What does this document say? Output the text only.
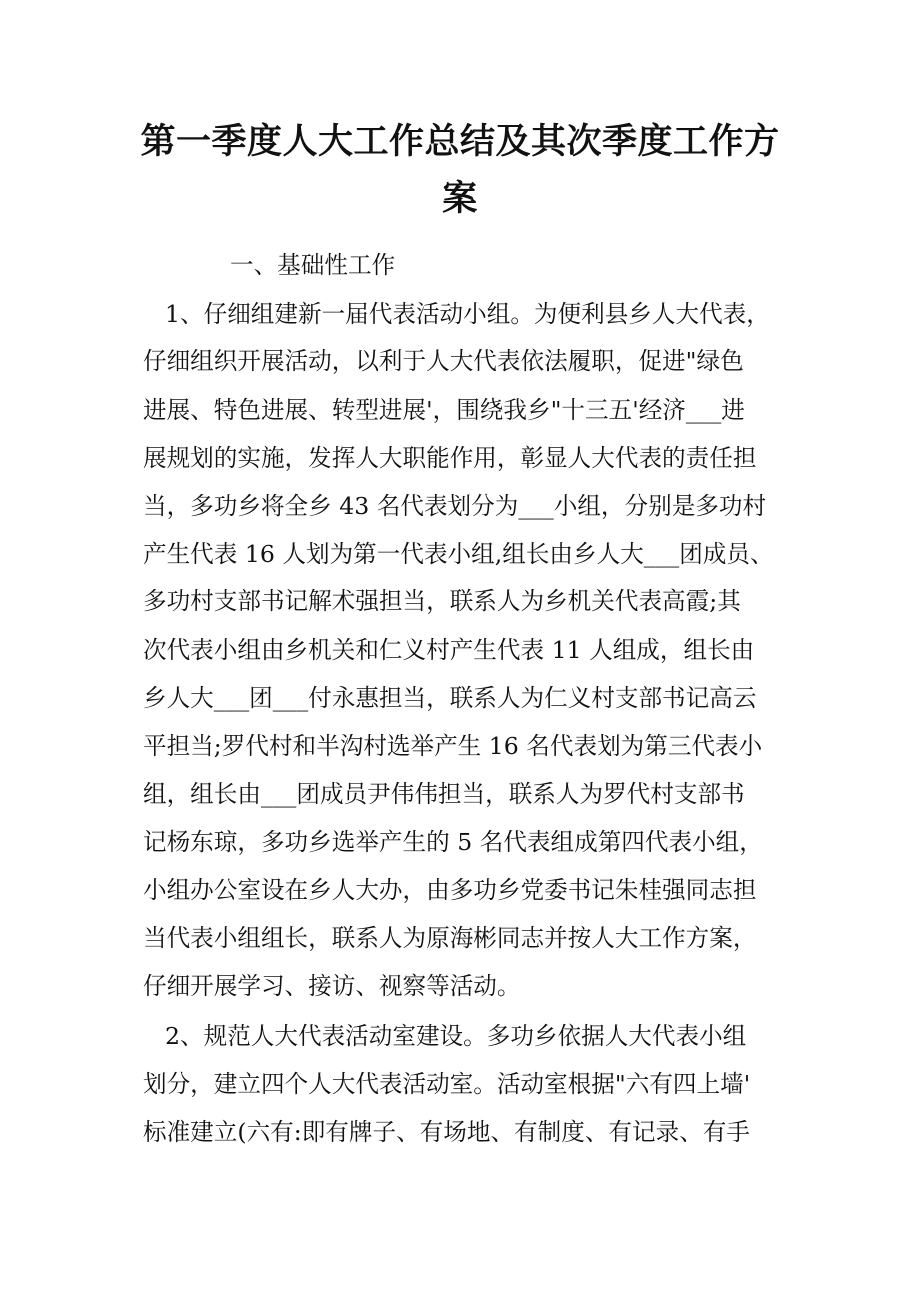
第一季度人大工作总结及其次季度工作方
案
一、基础性工作
1、仔细组建新一届代表活动小组。为便利县乡人大代表，
仔细组织开展活动，以利于人大代表依法履职，促进"绿色
进展、特色进展、转型进展'，围绕我乡"十三五'经济___进
展规划的实施，发挥人大职能作用，彰显人大代表的责任担
当，多功乡将全乡 43 名代表划分为___小组，分别是多功村
产生代表 16 人划为第一代表小组,组长由乡人大___团成员、
多功村支部书记解术强担当，联系人为乡机关代表高霞;其
次代表小组由乡机关和仁义村产生代表 11 人组成，组长由
乡人大___团___付永惠担当，联系人为仁义村支部书记高云
平担当;罗代村和半沟村选举产生 16 名代表划为第三代表小
组，组长由___团成员尹伟伟担当，联系人为罗代村支部书
记杨东琼，多功乡选举产生的 5 名代表组成第四代表小组，
小组办公室设在乡人大办，由多功乡党委书记朱桂强同志担
当代表小组组长，联系人为原海彬同志并按人大工作方案，
仔细开展学习、接访、视察等活动。
2、规范人大代表活动室建设。多功乡依据人大代表小组
划分，建立四个人大代表活动室。活动室根据"六有四上墙'
标准建立(六有:即有牌子、有场地、有制度、有记录、有手
